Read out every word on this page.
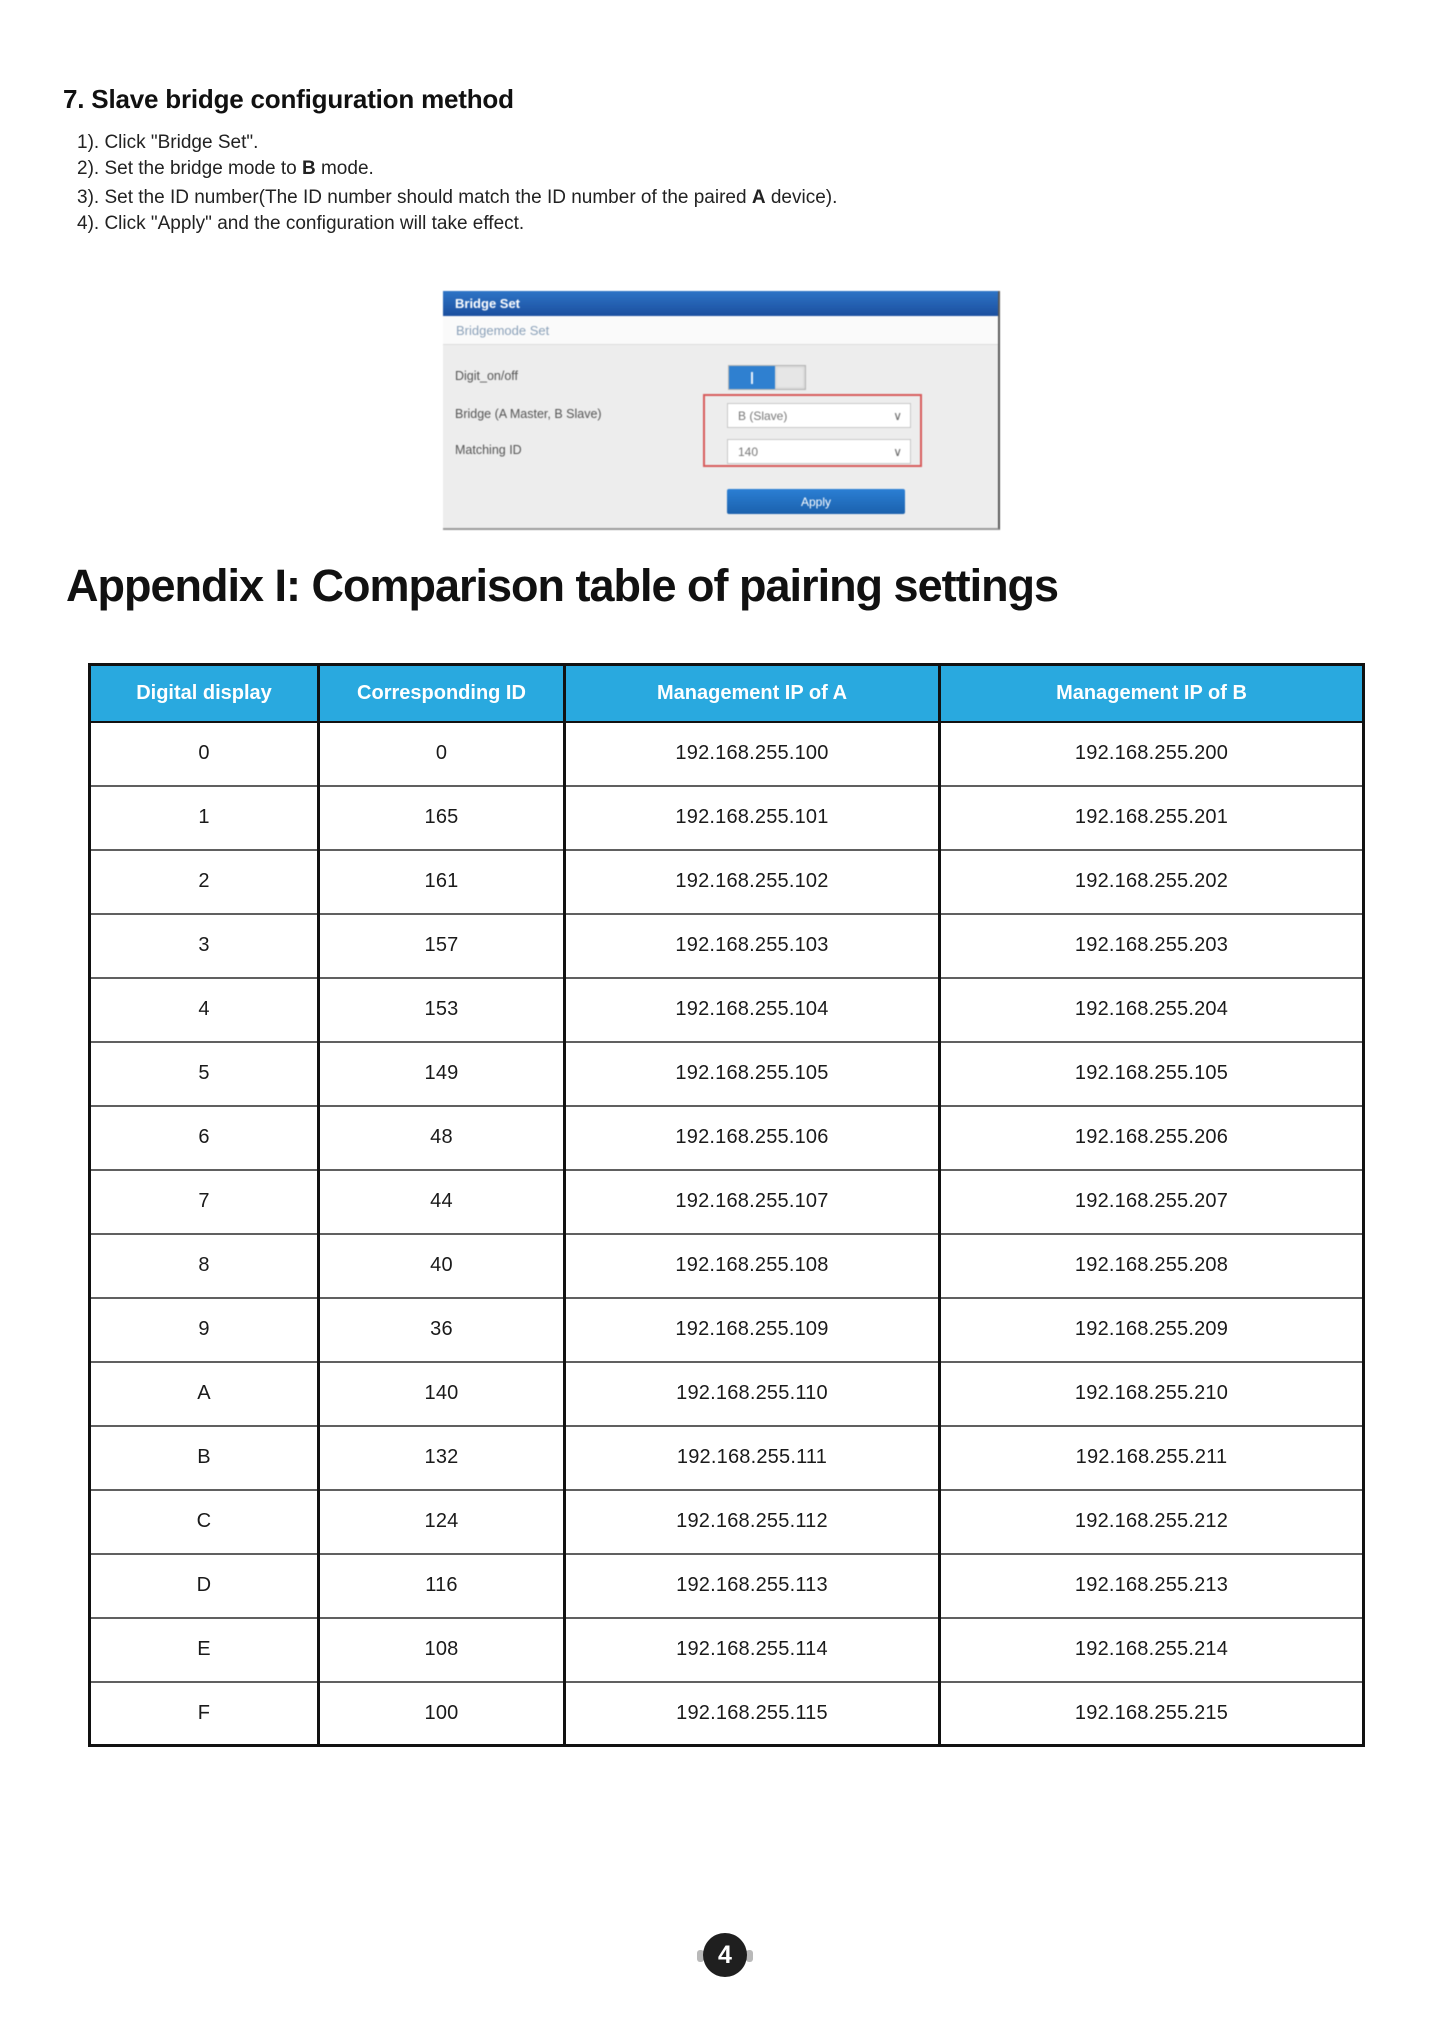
7. Slave bridge configuration method
1). Click "Bridge Set".
2). Set the bridge mode to B mode.
3). Set the ID number(The ID number should match the ID number of the paired A device).
4). Click "Apply" and the configuration will take effect.
Bridge Set
Bridgemode Set
Digit_on/off
Bridge (A Master, B Slave)	B (Slave)	∨
Matching ID	140	∨
Apply
Appendix I: Comparison table of pairing settings
Digital display	Corresponding ID	Management IP of A	Management IP of B
0	0	192.168.255.100	192.168.255.200
1	165	192.168.255.101	192.168.255.201
2	161	192.168.255.102	192.168.255.202
3	157	192.168.255.103	192.168.255.203
4	153	192.168.255.104	192.168.255.204
5	149	192.168.255.105	192.168.255.105
6	48	192.168.255.106	192.168.255.206
7	44	192.168.255.107	192.168.255.207
8	40	192.168.255.108	192.168.255.208
9	36	192.168.255.109	192.168.255.209
A	140	192.168.255.110	192.168.255.210
B	132	192.168.255.111	192.168.255.211
C	124	192.168.255.112	192.168.255.212
D	116	192.168.255.113	192.168.255.213
E	108	192.168.255.114	192.168.255.214
F	100	192.168.255.115	192.168.255.215
4
